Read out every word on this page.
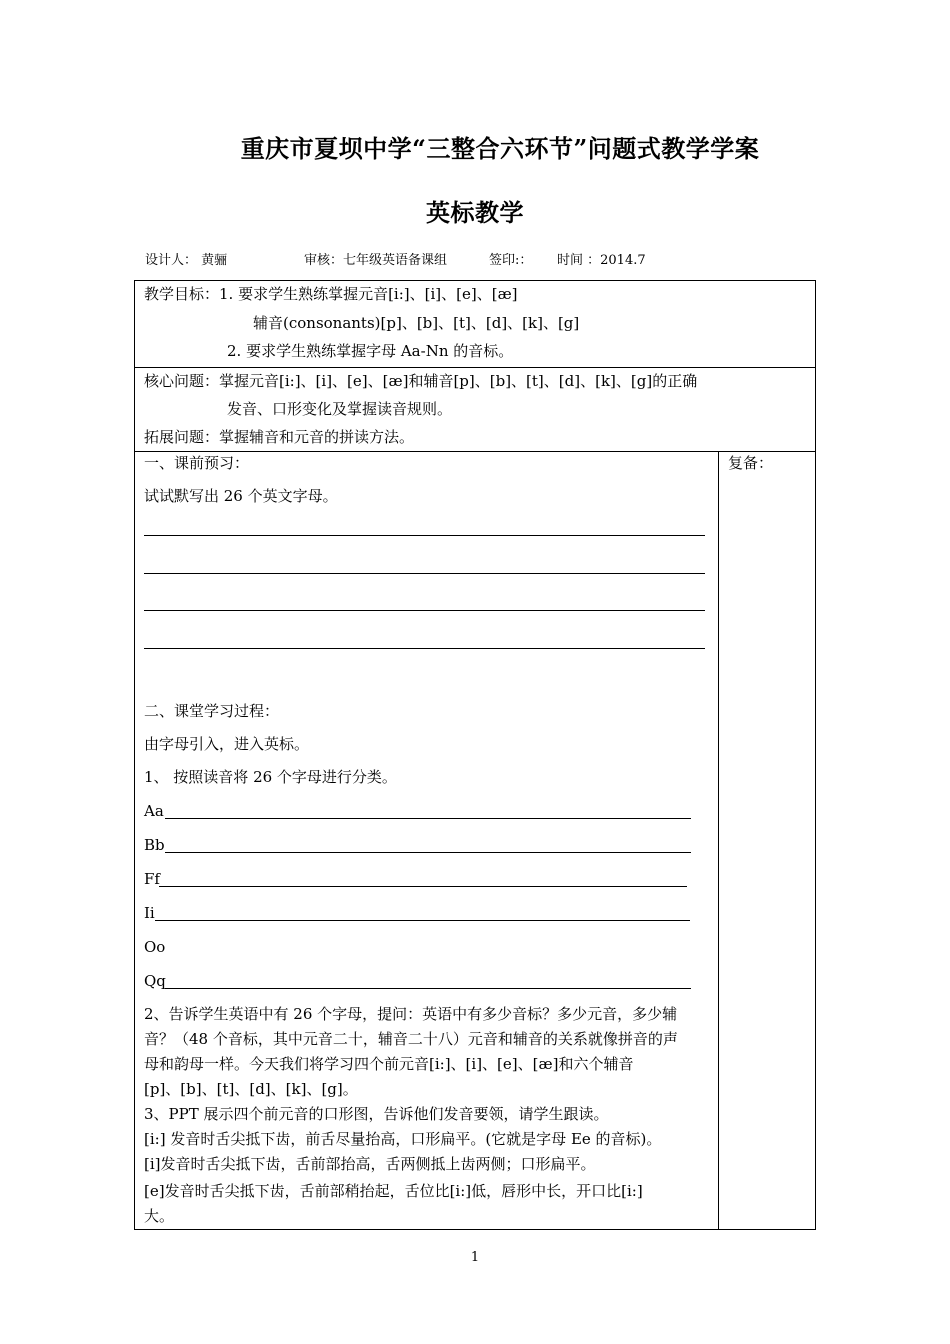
重庆市夏坝中学“三整合六环节”问题式教学学案
英标教学
设计人： 黄骊	审核：七年级英语备课组	签印:： 时间 ：2014.7
教学目标：1. 要求学生熟练掌握元音[i:]、[i]、[e]、[æ]
辅音(consonants)[p]、[b]、[t]、[d]、[k]、[g]
2. 要求学生熟练掌握字母 Aa-Nn 的音标。
核心问题：掌握元音[i:]、[i]、[e]、[æ]和辅音[p]、[b]、[t]、[d]、[k]、[g]的正确
发音、口形变化及掌握读音规则。
拓展问题：掌握辅音和元音的拼读方法。
复备：
一、课前预习：
试试默写出 26 个英文字母。
二、课堂学习过程：
由字母引入，进入英标。
1、 按照读音将 26 个字母进行分类。
Aa
Bb
Ff
Ii
Oo
Qq
2、告诉学生英语中有 26 个字母，提问：英语中有多少音标？多少元音，多少辅
音？（48 个音标，其中元音二十，辅音二十八）元音和辅音的关系就像拼音的声
母和韵母一样。今天我们将学习四个前元音[i:]、[i]、[e]、[æ]和六个辅音
[p]、[b]、[t]、[d]、[k]、[g]。
3、PPT 展示四个前元音的口形图，告诉他们发音要领，请学生跟读。
[i:] 发音时舌尖抵下齿，前舌尽量抬高，口形扁平。(它就是字母 Ee 的音标)。
[i]发音时舌尖抵下齿，舌前部抬高，舌两侧抵上齿两侧；口形扁平。
[e]发音时舌尖抵下齿，舌前部稍抬起，舌位比[i:]低，唇形中长，开口比[i:]
大。
1
